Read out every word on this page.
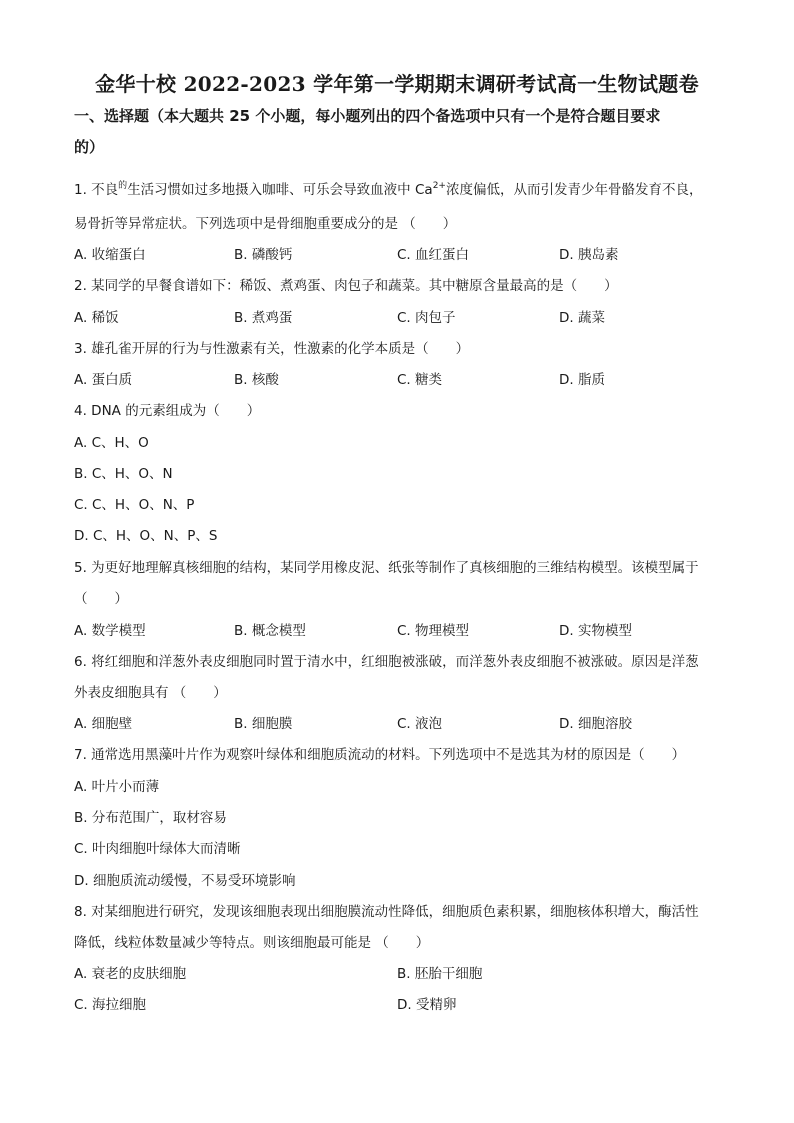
金华十校 2022-2023 学年第一学期期末调研考试高一生物试题卷
一、选择题（本大题共 25 个小题，每小题列出的四个备选项中只有一个是符合题目要求
的）
1. 不良$^的$生活习惯如过多地摄入咖啡、可乐会导致血液中 $Ca^{2+}$浓度偏低，从而引发青少年骨骼发育不良，
易骨折等异常症状。下列选项中是骨细胞重要成分的是 （　　）
A. 收缩蛋白	B. 磷酸钙	C. 血红蛋白	D. 胰岛素
2. 某同学的早餐食谱如下：稀饭、煮鸡蛋、肉包子和蔬菜。其中糖原含量最高的是（　　）
A. 稀饭	B. 煮鸡蛋	C. 肉包子	D. 蔬菜
3. 雄孔雀开屏的行为与性激素有关，性激素的化学本质是（　　）
A. 蛋白质	B. 核酸	C. 糖类	D. 脂质
4. DNA 的元素组成为（　　）
A. C、H、O
B. C、H、O、N
C. C、H、O、N、P
D. C、H、O、N、P、S
5. 为更好地理解真核细胞的结构，某同学用橡皮泥、纸张等制作了真核细胞的三维结构模型。该模型属于
（　　）
A. 数学模型	B. 概念模型	C. 物理模型	D. 实物模型
6. 将红细胞和洋葱外表皮细胞同时置于清水中，红细胞被涨破，而洋葱外表皮细胞不被涨破。原因是洋葱
外表皮细胞具有 （　　）
A. 细胞壁	B. 细胞膜	C. 液泡	D. 细胞溶胶
7. 通常选用黑藻叶片作为观察叶绿体和细胞质流动的材料。下列选项中不是选其为材的原因是（　　）
A. 叶片小而薄
B. 分布范围广，取材容易
C. 叶肉细胞叶绿体大而清晰
D. 细胞质流动缓慢，不易受环境影响
8. 对某细胞进行研究，发现该细胞表现出细胞膜流动性降低，细胞质色素积累，细胞核体积增大，酶活性
降低，线粒体数量减少等特点。则该细胞最可能是 （　　）
A. 衰老的皮肤细胞	B. 胚胎干细胞
C. 海拉细胞	D. 受精卵
